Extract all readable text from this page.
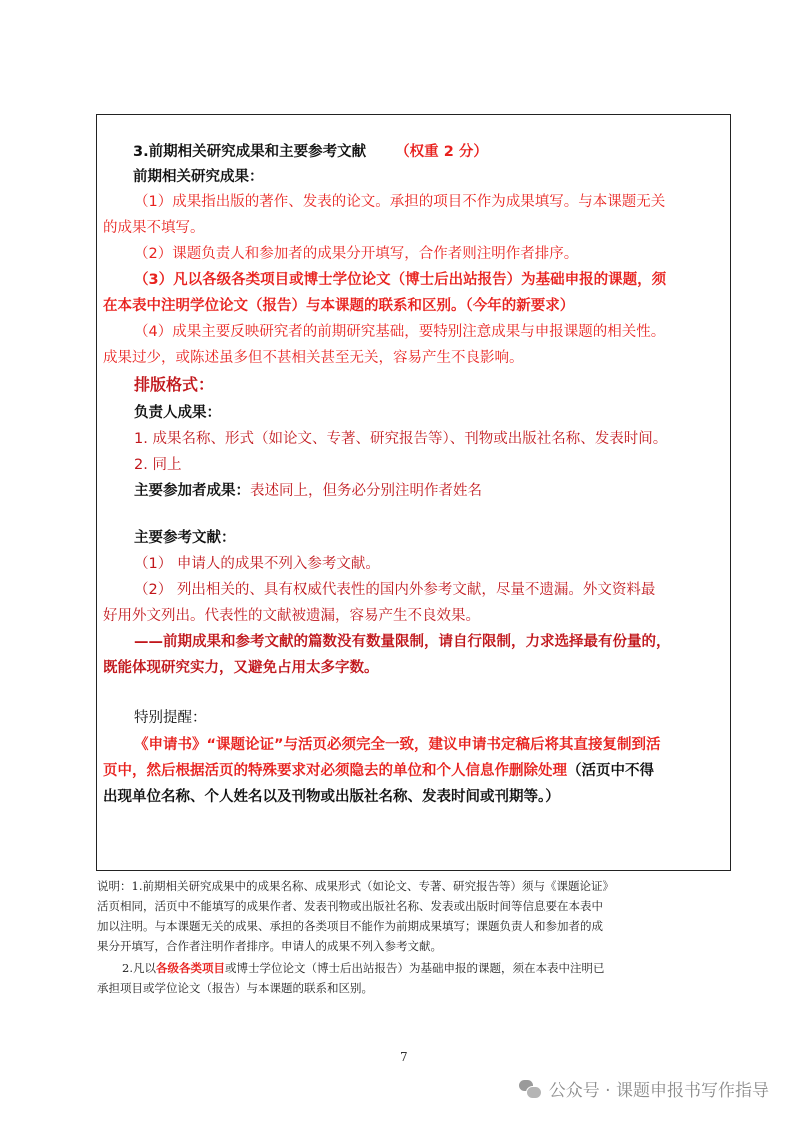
3.前期相关研究成果和主要参考文献 （权重 2 分）
前期相关研究成果：
（1）成果指出版的著作、发表的论文。承担的项目不作为成果填写。与本课题无关
的成果不填写。
（2）课题负责人和参加者的成果分开填写，合作者则注明作者排序。
（3）凡以各级各类项目或博士学位论文（博士后出站报告）为基础申报的课题，须
在本表中注明学位论文（报告）与本课题的联系和区别。（今年的新要求）
（4）成果主要反映研究者的前期研究基础，要特别注意成果与申报课题的相关性。
成果过少，或陈述虽多但不甚相关甚至无关，容易产生不良影响。
排版格式：
负责人成果：
1. 成果名称、形式（如论文、专著、研究报告等）、刊物或出版社名称、发表时间。
2. 同上
主要参加者成果：表述同上，但务必分别注明作者姓名
主要参考文献：
（1） 申请人的成果不列入参考文献。
（2） 列出相关的、具有权威代表性的国内外参考文献，尽量不遗漏。外文资料最
好用外文列出。代表性的文献被遗漏，容易产生不良效果。
——前期成果和参考文献的篇数没有数量限制，请自行限制，力求选择最有份量的，
既能体现研究实力，又避免占用太多字数。
特别提醒：
《申请书》“课题论证”与活页必须完全一致，建议申请书定稿后将其直接复制到活
页中，然后根据活页的特殊要求对必须隐去的单位和个人信息作删除处理（活页中不得
出现单位名称、个人姓名以及刊物或出版社名称、发表时间或刊期等。）
说明：1.前期相关研究成果中的成果名称、成果形式（如论文、专著、研究报告等）须与《课题论证》
活页相同，活页中不能填写的成果作者、发表刊物或出版社名称、发表或出版时间等信息要在本表中
加以注明。与本课题无关的成果、承担的各类项目不能作为前期成果填写；课题负责人和参加者的成
果分开填写，合作者注明作者排序。申请人的成果不列入参考文献。
2.凡以各级各类项目或博士学位论文（博士后出站报告）为基础申报的课题，须在本表中注明已
承担项目或学位论文（报告）与本课题的联系和区别。
7
公众号 · 课题申报书写作指导
